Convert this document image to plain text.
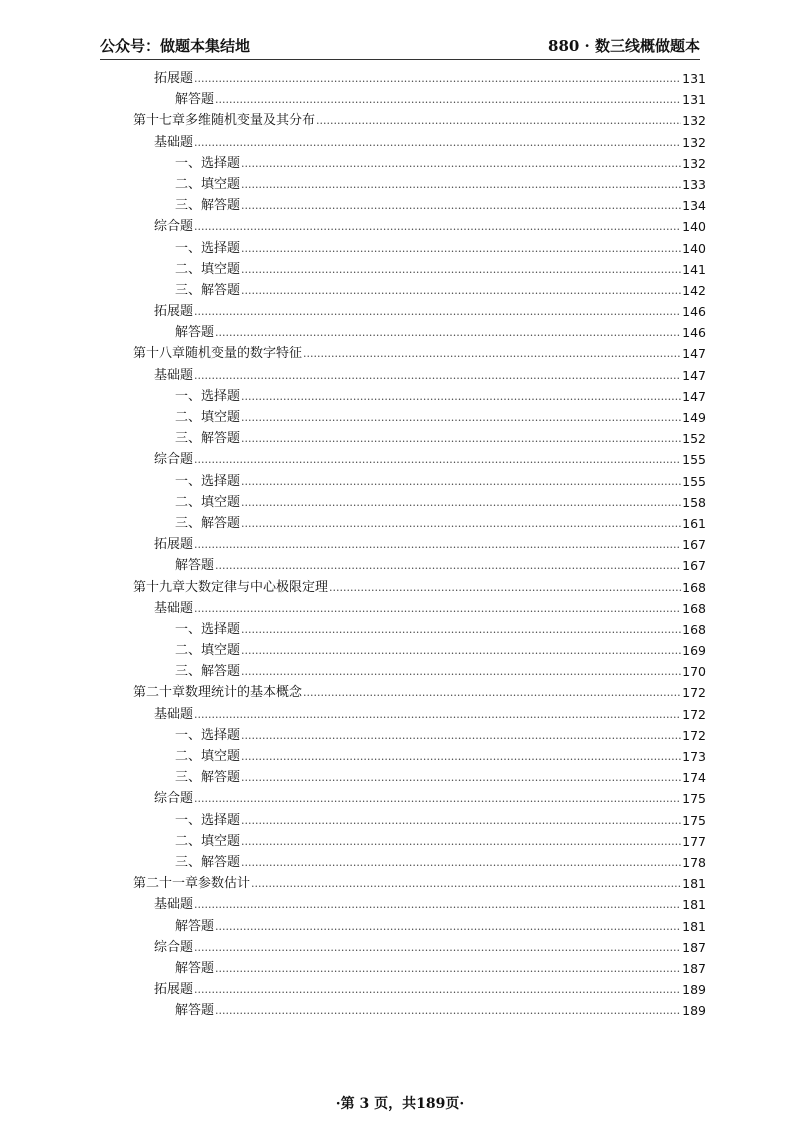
公众号：做题本集结地	880 · 数三线概做题本
拓展题 .....	131
解答题 .....	131
第十七章多维随机变量及其分布 .....	132
基础题 .....	132
一、选择题 .....	132
二、填空题 .....	133
三、解答题 .....	134
综合题 .....	140
一、选择题 .....	140
二、填空题 .....	141
三、解答题 .....	142
拓展题 .....	146
解答题 .....	146
第十八章随机变量的数字特征 .....	147
基础题 .....	147
一、选择题 .....	147
二、填空题 .....	149
三、解答题 .....	152
综合题 .....	155
一、选择题 .....	155
二、填空题 .....	158
三、解答题 .....	161
拓展题 .....	167
解答题 .....	167
第十九章大数定律与中心极限定理 .....	168
基础题 .....	168
一、选择题 .....	168
二、填空题 .....	169
三、解答题 .....	170
第二十章数理统计的基本概念 .....	172
基础题 .....	172
一、选择题 .....	172
二、填空题 .....	173
三、解答题 .....	174
综合题 .....	175
一、选择题 .....	175
二、填空题 .....	177
三、解答题 .....	178
第二十一章参数估计 .....	181
基础题 .....	181
解答题 .....	181
综合题 .....	187
解答题 .....	187
拓展题 .....	189
解答题 .....	189
·第 3 页，共189页·
